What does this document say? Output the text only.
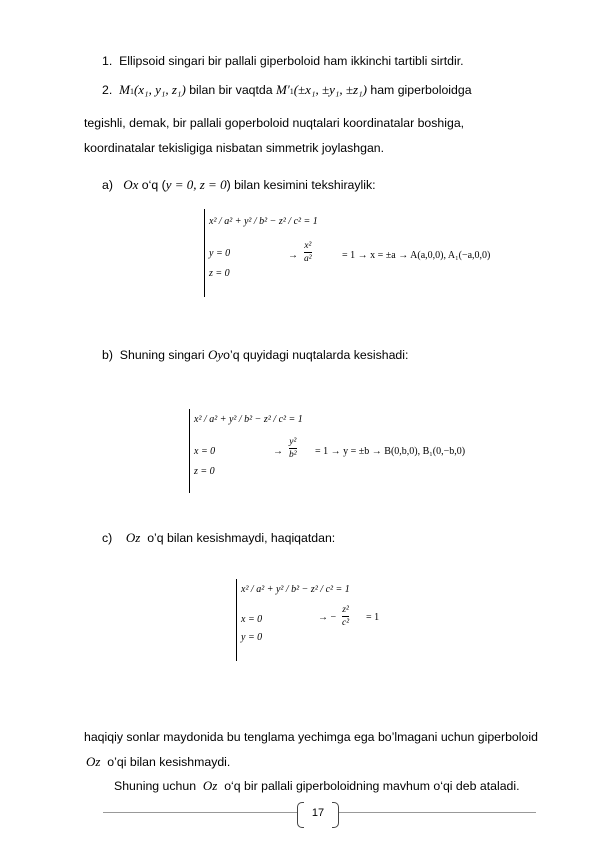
1. Ellipsoid singari bir pallali giperboloid ham ikkinchi tartibli sirtdir.
2. M1(x₁, y₁, z₁) bilan bir vaqtda M′1(±x₁, ±y₁, ±z₁) ham giperboloidga
tegishli, demak, bir pallali goperboloid nuqtalari koordinatalar boshiga,
koordinatalar tekisligiga nisbatan simmetrik joylashgan.
a) Ox o‘q (y = 0, z = 0) bilan kesimini tekshiraylik:
x² / a² + y² / b² − z² / c² = 1
y = 0
z = 0
→
x²
a²	= 1 → x = ±a → A(a,0,0), A₁(−a,0,0)
b) Shuning singari Oyo’q quyidagi nuqtalarda kesishadi:
x² / a² + y² / b² − z² / c² = 1
x = 0
z = 0
→
y²
b² = 1 → y = ±b → B(0,b,0), B₁(0,−b,0)
c) Oz o’q bilan kesishmaydi, haqiqatdan:
x² / a² + y² / b² − z² / c² = 1
x = 0
y = 0
→ −
z²
c² = 1
haqiqiy sonlar maydonida bu tenglama yechimga ega bo’lmagani uchun giperboloid
Oz o’qi bilan kesishmaydi.
Shuning uchun Oz o‘q bir pallali giperboloidning mavhum o‘qi deb ataladi.
17
